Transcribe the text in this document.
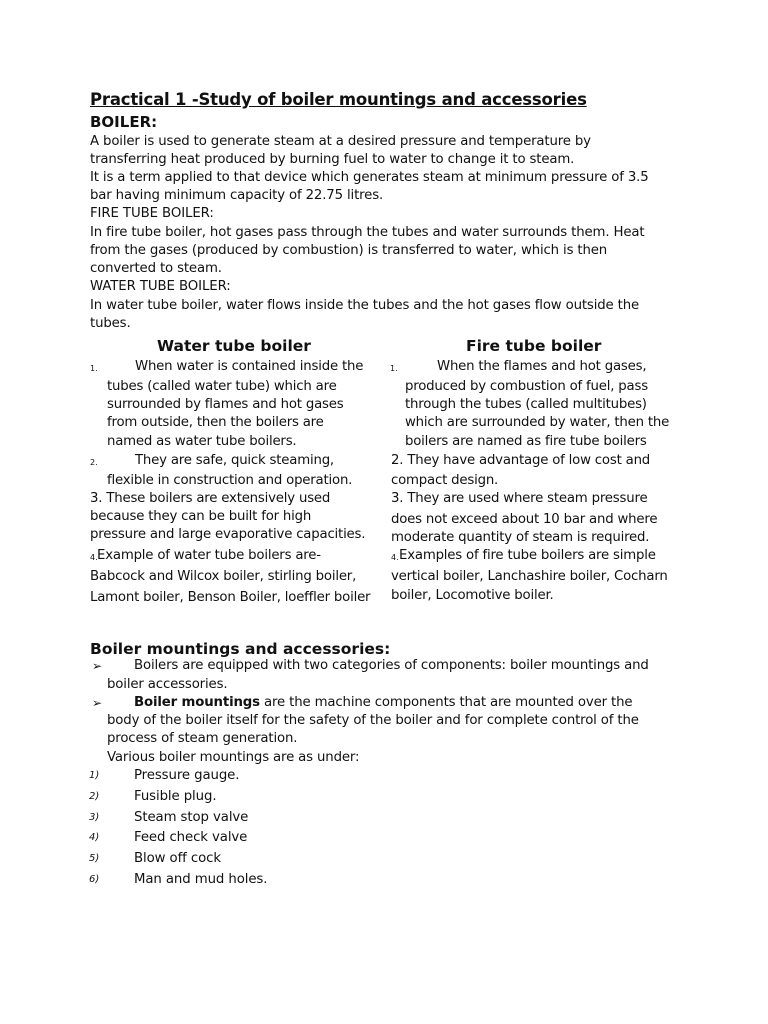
Practical 1 -Study of boiler mountings and accessories
BOILER:
A boiler is used to generate steam at a desired pressure and temperature by
transferring heat produced by burning fuel to water to change it to steam.
It is a term applied to that device which generates steam at minimum pressure of 3.5
bar having minimum capacity of 22.75 litres.
FIRE TUBE BOILER:
In fire tube boiler, hot gases pass through the tubes and water surrounds them. Heat
from the gases (produced by combustion) is transferred to water, which is then
converted to steam.
WATER TUBE BOILER:
In water tube boiler, water flows inside the tubes and the hot gases flow outside the
tubes.
Water tube boiler
1.	When water is contained inside the
tubes (called water tube) which are
surrounded by flames and hot gases
from outside, then the boilers are
named as water tube boilers.
2.	They are safe, quick steaming,
flexible in construction and operation.
3. These boilers are extensively used
because they can be built for high
pressure and large evaporative capacities.
4. Example of water tube boilers are-
Babcock and Wilcox boiler, stirling boiler,
Lamont boiler, Benson Boiler, loeffler boiler
Fire tube boiler
1.	When the flames and hot gases,
produced by combustion of fuel, pass
through the tubes (called multitubes)
which are surrounded by water, then the
boilers are named as fire tube boilers
2. They have advantage of low cost and
compact design.
3. They are used where steam pressure
does not exceed about 10 bar and where
moderate quantity of steam is required.
4. Examples of fire tube boilers are simple
vertical boiler, Lanchashire boiler, Cocharn
boiler, Locomotive boiler.
Boiler mountings and accessories:
➢ Boilers are equipped with two categories of components: boiler mountings and
boiler accessories.
➢ Boiler mountings are the machine components that are mounted over the
body of the boiler itself for the safety of the boiler and for complete control of the
process of steam generation.
Various boiler mountings are as under:
1)	Pressure gauge.
2)	Fusible plug.
3)	Steam stop valve
4)	Feed check valve
5)	Blow off cock
6)	Man and mud holes.
